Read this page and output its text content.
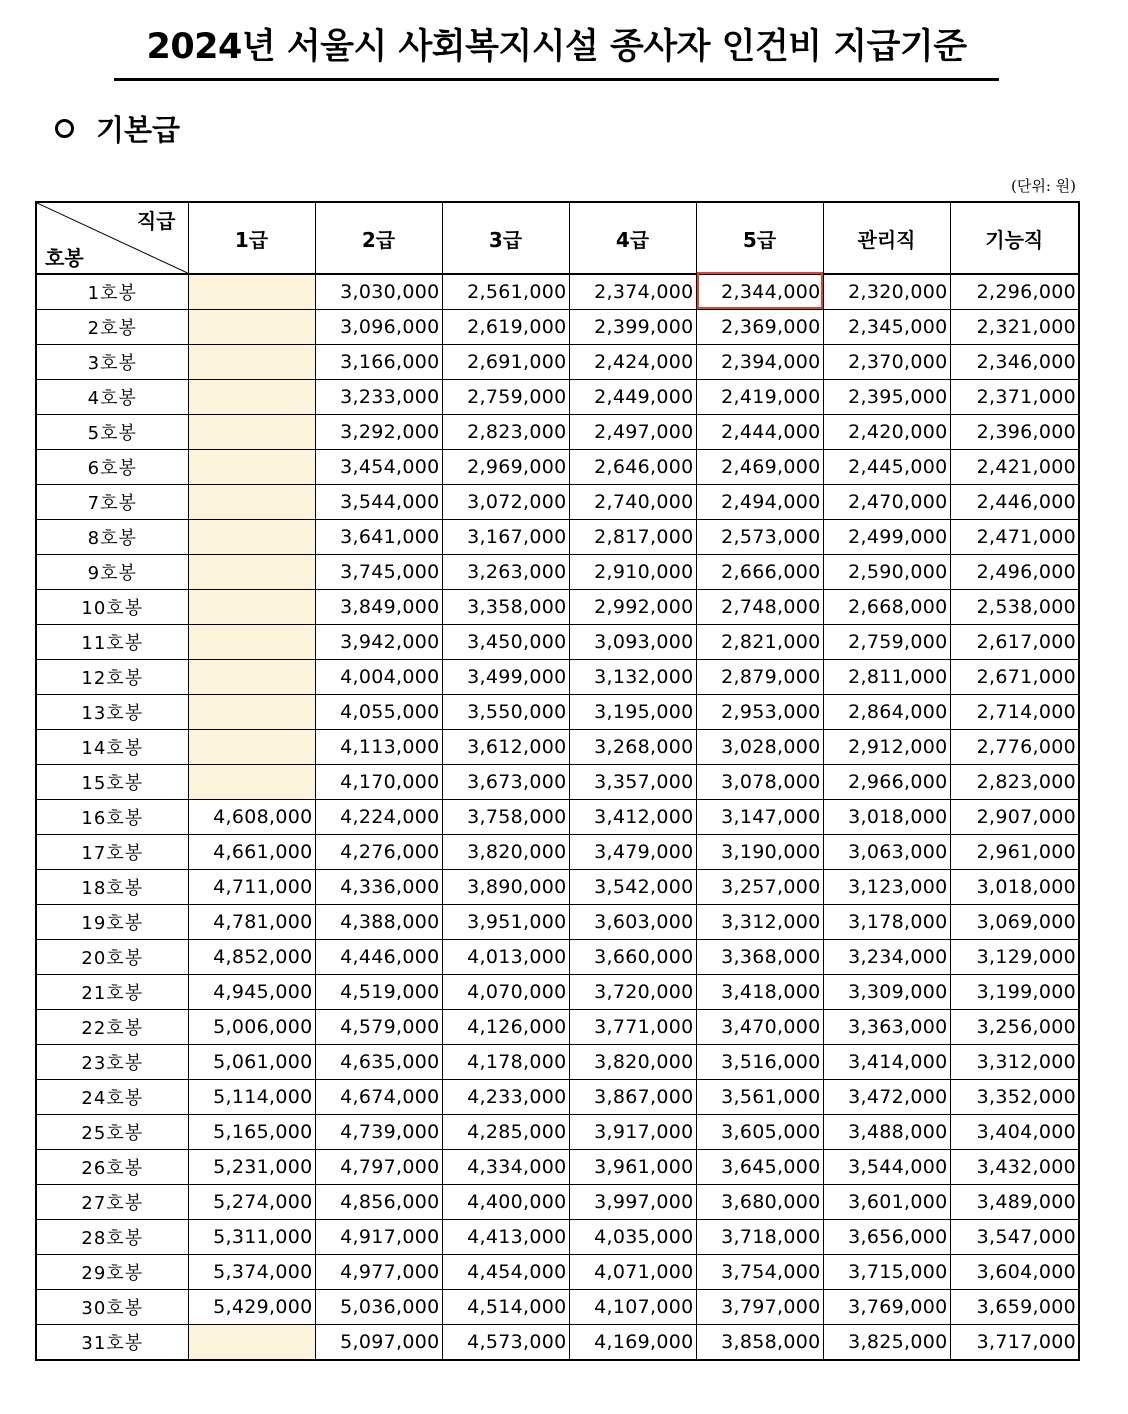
2024년 서울시 사회복지시설 종사자 인건비 지급기준
기본급
(단위: 원)
직급
호봉	1급	2급	3급	4급	5급	관리직	기능직
1호봉		3,030,000	2,561,000	2,374,000	2,344,000	2,320,000	2,296,000
2호봉		3,096,000	2,619,000	2,399,000	2,369,000	2,345,000	2,321,000
3호봉		3,166,000	2,691,000	2,424,000	2,394,000	2,370,000	2,346,000
4호봉		3,233,000	2,759,000	2,449,000	2,419,000	2,395,000	2,371,000
5호봉		3,292,000	2,823,000	2,497,000	2,444,000	2,420,000	2,396,000
6호봉		3,454,000	2,969,000	2,646,000	2,469,000	2,445,000	2,421,000
7호봉		3,544,000	3,072,000	2,740,000	2,494,000	2,470,000	2,446,000
8호봉		3,641,000	3,167,000	2,817,000	2,573,000	2,499,000	2,471,000
9호봉		3,745,000	3,263,000	2,910,000	2,666,000	2,590,000	2,496,000
10호봉		3,849,000	3,358,000	2,992,000	2,748,000	2,668,000	2,538,000
11호봉		3,942,000	3,450,000	3,093,000	2,821,000	2,759,000	2,617,000
12호봉		4,004,000	3,499,000	3,132,000	2,879,000	2,811,000	2,671,000
13호봉		4,055,000	3,550,000	3,195,000	2,953,000	2,864,000	2,714,000
14호봉		4,113,000	3,612,000	3,268,000	3,028,000	2,912,000	2,776,000
15호봉		4,170,000	3,673,000	3,357,000	3,078,000	2,966,000	2,823,000
16호봉	4,608,000	4,224,000	3,758,000	3,412,000	3,147,000	3,018,000	2,907,000
17호봉	4,661,000	4,276,000	3,820,000	3,479,000	3,190,000	3,063,000	2,961,000
18호봉	4,711,000	4,336,000	3,890,000	3,542,000	3,257,000	3,123,000	3,018,000
19호봉	4,781,000	4,388,000	3,951,000	3,603,000	3,312,000	3,178,000	3,069,000
20호봉	4,852,000	4,446,000	4,013,000	3,660,000	3,368,000	3,234,000	3,129,000
21호봉	4,945,000	4,519,000	4,070,000	3,720,000	3,418,000	3,309,000	3,199,000
22호봉	5,006,000	4,579,000	4,126,000	3,771,000	3,470,000	3,363,000	3,256,000
23호봉	5,061,000	4,635,000	4,178,000	3,820,000	3,516,000	3,414,000	3,312,000
24호봉	5,114,000	4,674,000	4,233,000	3,867,000	3,561,000	3,472,000	3,352,000
25호봉	5,165,000	4,739,000	4,285,000	3,917,000	3,605,000	3,488,000	3,404,000
26호봉	5,231,000	4,797,000	4,334,000	3,961,000	3,645,000	3,544,000	3,432,000
27호봉	5,274,000	4,856,000	4,400,000	3,997,000	3,680,000	3,601,000	3,489,000
28호봉	5,311,000	4,917,000	4,413,000	4,035,000	3,718,000	3,656,000	3,547,000
29호봉	5,374,000	4,977,000	4,454,000	4,071,000	3,754,000	3,715,000	3,604,000
30호봉	5,429,000	5,036,000	4,514,000	4,107,000	3,797,000	3,769,000	3,659,000
31호봉		5,097,000	4,573,000	4,169,000	3,858,000	3,825,000	3,717,000
